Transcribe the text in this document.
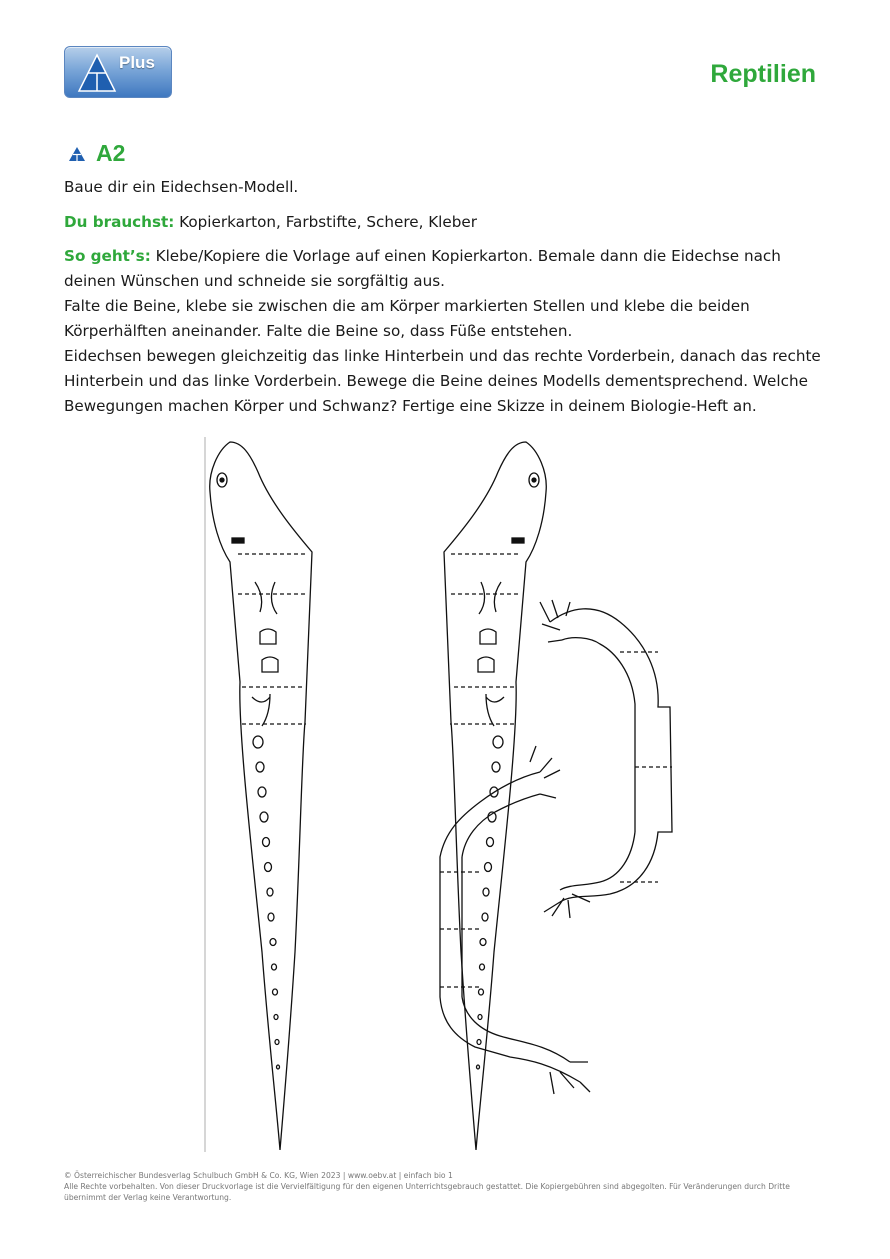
Plus	Reptilien
A2
Baue dir ein Eidechsen-Modell.
Du brauchst: Kopierkarton, Farbstifte, Schere, Kleber
So geht’s: Klebe/Kopiere die Vorlage auf einen Kopierkarton. Bemale dann die Eidechse nach deinen Wünschen und schneide sie sorgfältig aus.
Falte die Beine, klebe sie zwischen die am Körper markierten Stellen und klebe die beiden Körperhälften aneinander. Falte die Beine so, dass Füße entstehen.
Eidechsen bewegen gleichzeitig das linke Hinterbein und das rechte Vorderbein, danach das rechte Hinterbein und das linke Vorderbein. Bewege die Beine deines Modells dementsprechend. Welche Bewegungen machen Körper und Schwanz? Fertige eine Skizze in deinem Biologie-Heft an.
© Österreichischer Bundesverlag Schulbuch GmbH & Co. KG, Wien 2023 | www.oebv.at | einfach bio 1
Alle Rechte vorbehalten. Von dieser Druckvorlage ist die Vervielfältigung für den eigenen Unterrichtsgebrauch gestattet. Die Kopiergebühren sind abgegolten. Für Veränderungen durch Dritte übernimmt der Verlag keine Verantwortung.
